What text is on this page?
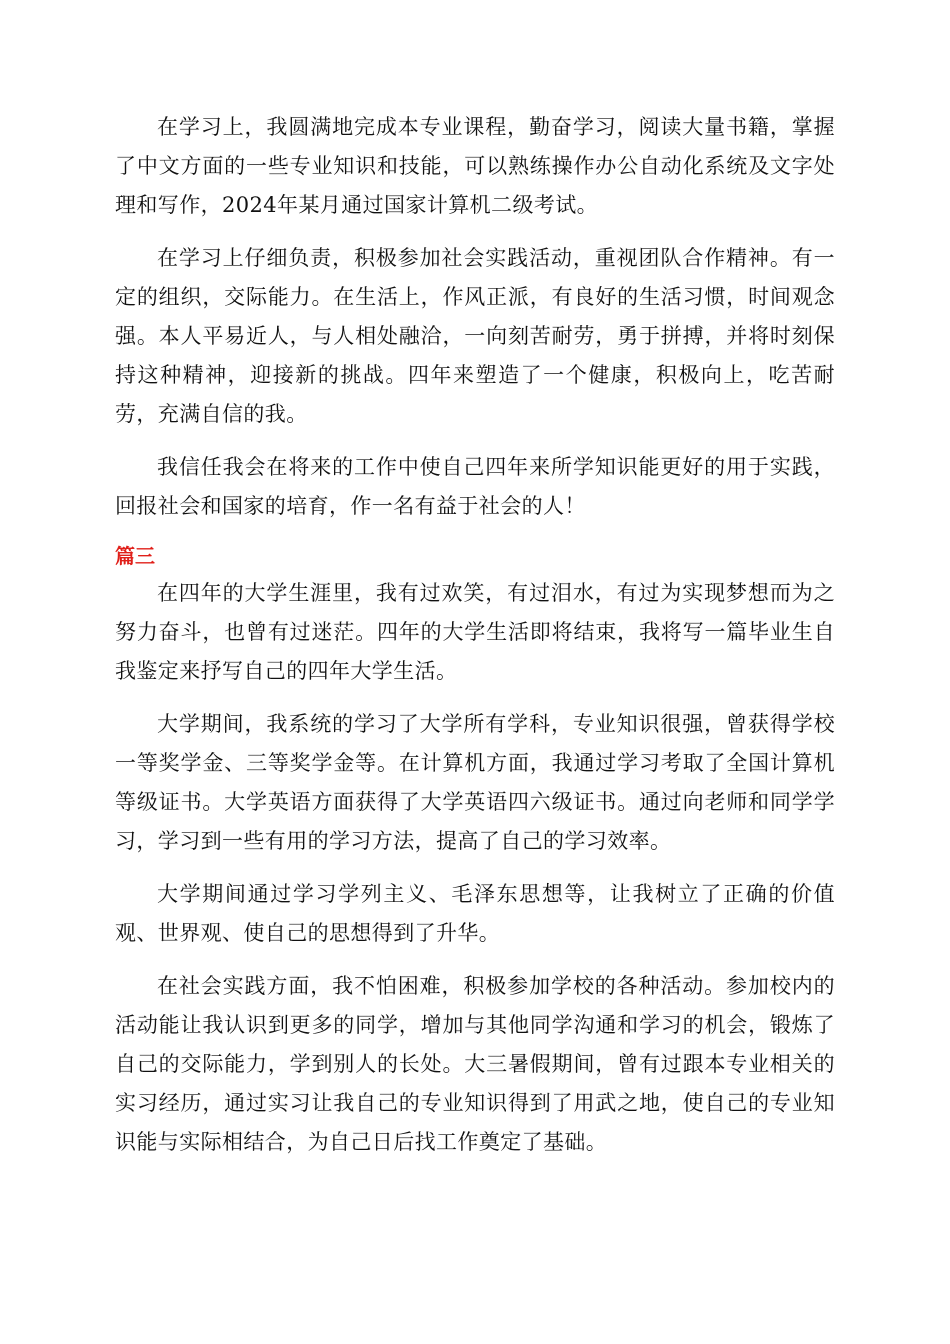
在学习上，我圆满地完成本专业课程，勤奋学习，阅读大量书籍，掌握了中文方面的一些专业知识和技能，可以熟练操作办公自动化系统及文字处理和写作，2024年某月通过国家计算机二级考试。

在学习上仔细负责，积极参加社会实践活动，重视团队合作精神。有一定的组织，交际能力。在生活上，作风正派，有良好的生活习惯，时间观念强。本人平易近人，与人相处融洽，一向刻苦耐劳，勇于拼搏，并将时刻保持这种精神，迎接新的挑战。四年来塑造了一个健康，积极向上，吃苦耐劳，充满自信的我。

我信任我会在将来的工作中使自己四年来所学知识能更好的用于实践，回报社会和国家的培育，作一名有益于社会的人！

篇三

在四年的大学生涯里，我有过欢笑，有过泪水，有过为实现梦想而为之努力奋斗，也曾有过迷茫。四年的大学生活即将结束，我将写一篇毕业生自我鉴定来抒写自己的四年大学生活。

大学期间，我系统的学习了大学所有学科，专业知识很强，曾获得学校一等奖学金、三等奖学金等。在计算机方面，我通过学习考取了全国计算机等级证书。大学英语方面获得了大学英语四六级证书。通过向老师和同学学习，学习到一些有用的学习方法，提高了自己的学习效率。

大学期间通过学习学列主义、毛泽东思想等，让我树立了正确的价值观、世界观、使自己的思想得到了升华。

在社会实践方面，我不怕困难，积极参加学校的各种活动。参加校内的活动能让我认识到更多的同学，增加与其他同学沟通和学习的机会，锻炼了自己的交际能力，学到别人的长处。大三暑假期间，曾有过跟本专业相关的实习经历，通过实习让我自己的专业知识得到了用武之地，使自己的专业知识能与实际相结合，为自己日后找工作奠定了基础。
